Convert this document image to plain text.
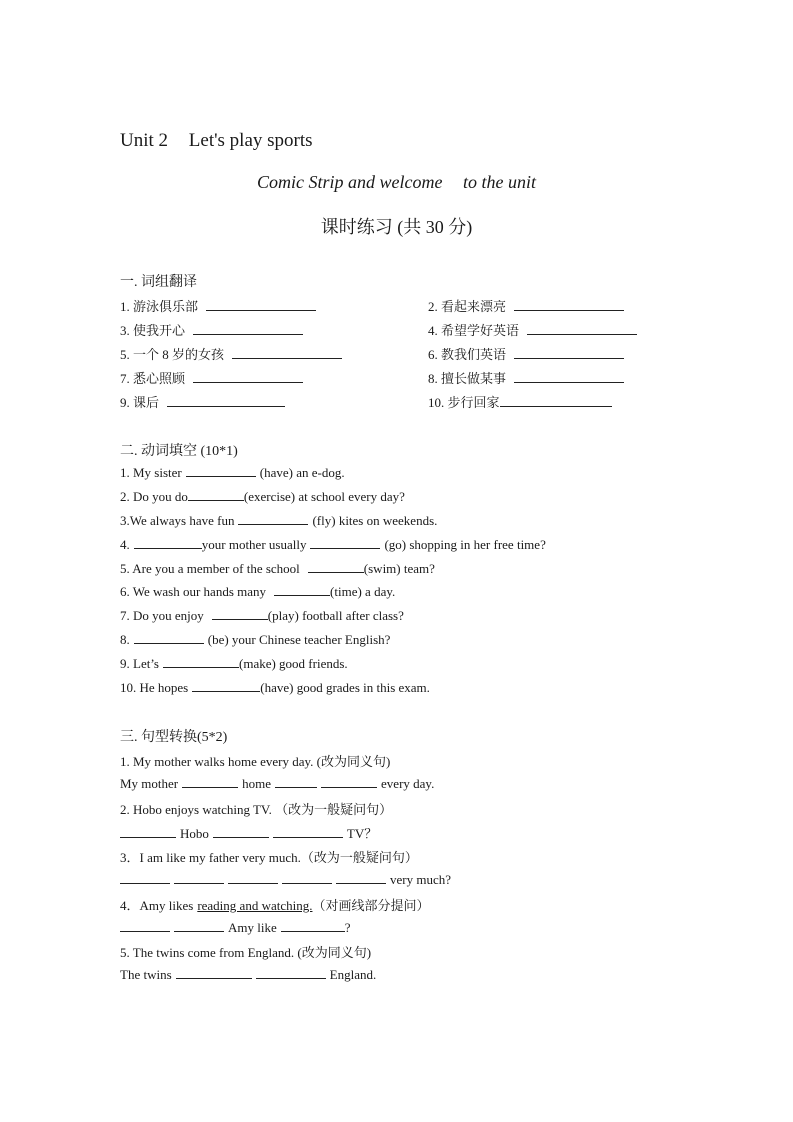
Unit 2 Let's play sports
Comic Strip and welcome to the unit
课时练习 (共 30 分)
一. 词组翻译
1. 游泳俱乐部	2. 看起来漂亮
3. 使我开心	4. 希望学好英语
5. 一个 8 岁的女孩	6. 教我们英语
7. 悉心照顾	8. 擅长做某事
9. 课后	10. 步行回家
二. 动词填空 (10*1)
1. My sister	(have) an e-dog.
2. Do you do	(exercise) at school every day?
3.We always have fun	(fly) kites on weekends.
4.	your mother usually	(go) shopping in her free time?
5. Are you a member of the school	(swim) team?
6. We wash our hands many	(time) a day.
7. Do you enjoy	(play) football after class?
8.	(be) your Chinese teacher English?
9. Let’s	(make) good friends.
10. He hopes	(have) good grades in this exam.
三. 句型转换(5*2)
1. My mother walks home every day. (改为同义句)
My mother	home	every day.
2. Hobo enjoys watching TV. （改为一般疑问句）
Hobo	TV？
3．I am like my father very much.（改为一般疑问句）
very much?
4．Amy likes reading and watching.（对画线部分提问）
Amy like	?
5. The twins come from England. (改为同义句)
The twins	England.
